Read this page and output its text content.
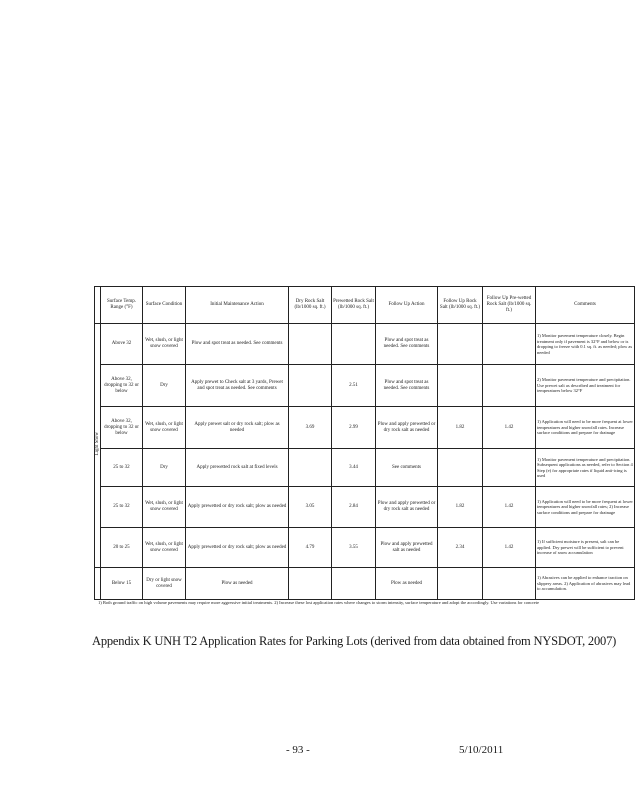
	Surface Temp. Range (°F)	Surface Condition	Initial Maintenance Action	Dry Rock Salt (lb/1000 sq. ft.)	Prewetted Rock Salt (lb/1000 sq. ft.)	Follow Up Action	Follow Up Rock Salt (lb/1000 sq. ft.)	Follow Up Pre-wetted Rock Salt (lb/1000 sq. ft.)	Comments
Light Snow	Above 32	Wet, slush, or light snow covered	Plow and spot treat as needed. See comments			Plow and spot treat as needed. See comments			1) Monitor pavement temperature closely. Begin treatment only if pavement is 32°F and below or is dropping to freeze with 0.1 sq. ft. as needed; plow as needed
	Above 32, dropping to 32 or below	Dry	Apply prewet to Check salt at 3 yards, Prewet and spot treat as needed. See comments		2.51	Plow and spot treat as needed. See comments			2) Monitor pavement temperature and precipitation. Use prewet salt as described and treatment for temperatures below 32°F
	Above 32, dropping to 32 or below	Wet, slush, or light snow covered	Apply prewet salt or dry rock salt; plow as needed	3.69	2.99	Plow and apply prewetted or dry rock salt as needed	1.82	1.42	1) Application will need to be more frequent at lower temperatures and higher snowfall rates. Increase surface conditions and prepare for drainage
	25 to 32	Dry	Apply prewetted rock salt at fixed levels		3.44	See comments			1) Monitor pavement temperature and precipitation. Subsequent applications as needed, refer to Section 4 Step (e) for appropriate rates if liquid anti-icing is used
	25 to 32	Wet, slush, or light snow covered	Apply prewetted or dry rock salt; plow as needed	3.05	2.84	Plow and apply prewetted or dry rock salt as needed	1.82	1.42	1) Application will need to be more frequent at lower temperatures and higher snowfall rates; 2) Increase surface conditions and prepare for drainage
	20 to 25	Wet, slush, or light snow covered	Apply prewetted or dry rock salt; plow as needed	4.79	3.55	Plow and apply prewetted salt as needed	2.34	1.42	1) If sufficient moisture is present, salt can be applied. Dry prewet will be sufficient to prevent increase of snow accumulation
	Below 15	Dry or light snow covered	Plow as needed			Plow as needed			1) Abrasives can be applied to enhance traction on slippery areas. 2) Application of abrasives may lead to accumulation.
1) Both ground traffic on high volume pavements may require more aggressive initial treatments. 2) Increase these lost application rates where changes to storm intensity, surface temperature and adopt the accordingly. Use variations for concrete
Appendix K UNH T2 Application Rates for Parking Lots (derived from data obtained from NYSDOT, 2007)
- 93 -	5/10/2011
